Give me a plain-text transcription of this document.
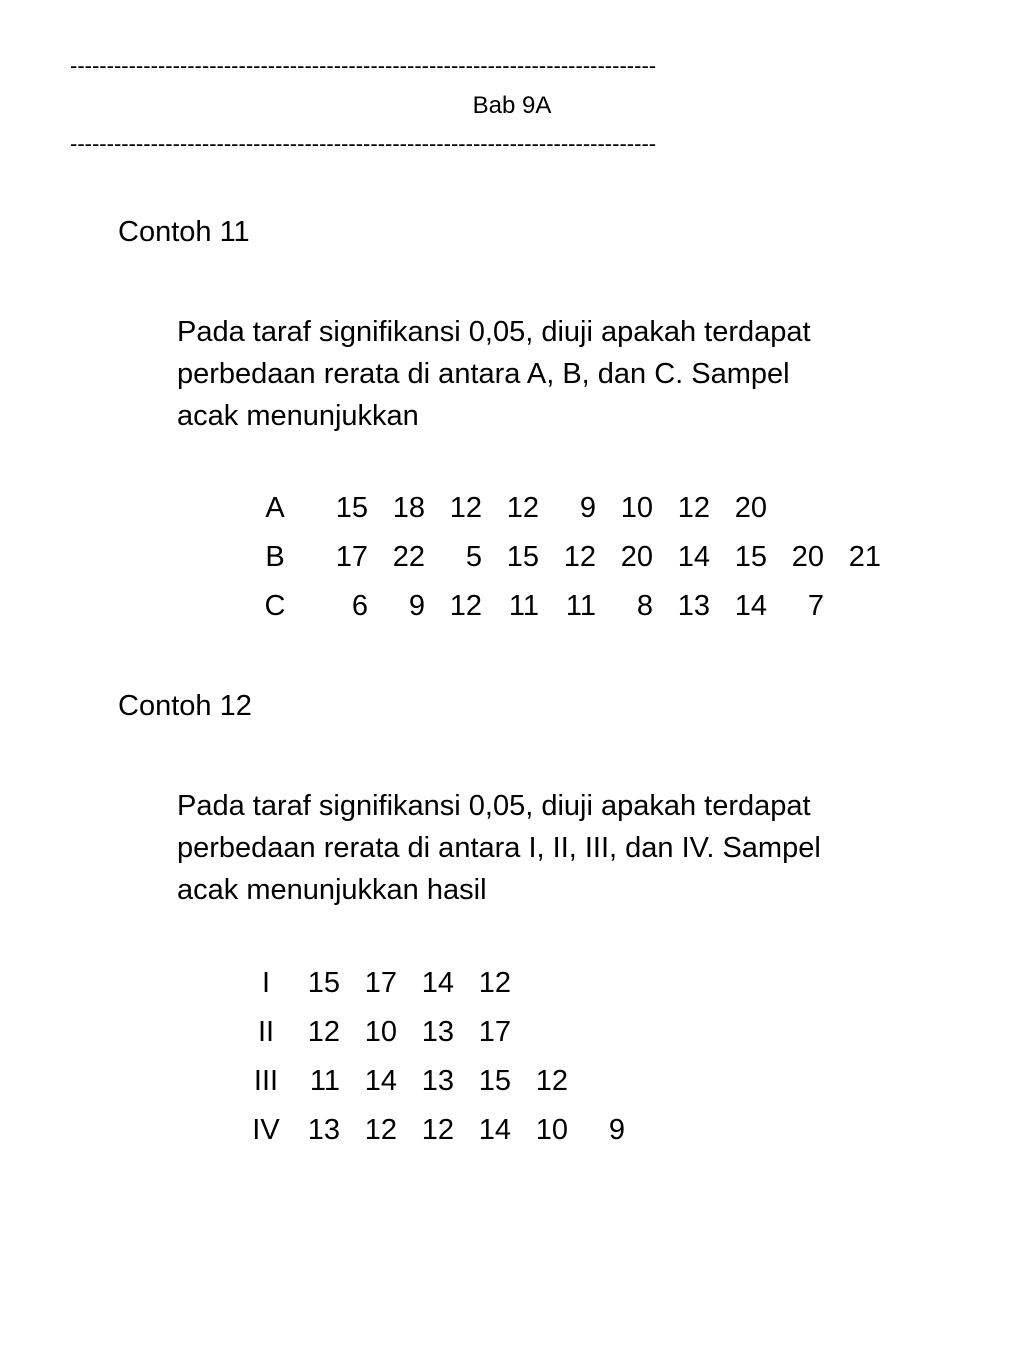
--------------------------------------------------------------------------------
Bab 9A
--------------------------------------------------------------------------------
Contoh 11
Pada taraf signifikansi 0,05, diuji apakah terdapat
perbedaan rerata di antara A, B, dan C. Sampel
acak menunjukkan
A	15 18 12 12	9 10 12 20
B	17 22	5 15 12 20 14 15 20 21
C	6	9 12 11 11	8 13 14	7
Contoh 12
Pada taraf signifikansi 0,05, diuji apakah terdapat
perbedaan rerata di antara I, II, III, dan IV. Sampel
acak menunjukkan hasil
I	15 17 14 12
II	12 10 13 17
III	11 14 13 15 12
IV 13 12 12 14 10	9
